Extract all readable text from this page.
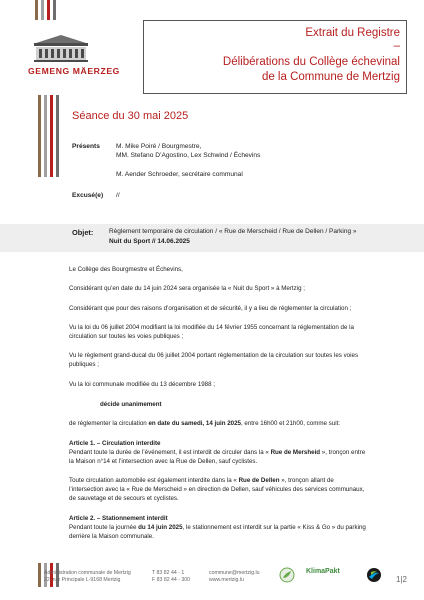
GEMENG MÄERZEG
Extrait du Registre
–
Délibérations du Collège échevinal
de la Commune de Mertzig
Séance du 30 mai 2025
Présents M. Mike Poiré / Bourgmestre,
MM. Stefano D’Agostino, Lex Schwind / Échevins
M. Aender Schroeder, secrétaire communal
Excusé(e) //
Objet: Règlement temporaire de circulation / « Rue de Merscheid / Rue de Dellen / Parking »
Nuit du Sport // 14.06.2025
Le Collège des Bourgmestre et Échevins,
Considérant qu’en date du 14 juin 2024 sera organisée la « Nuit du Sport » à Mertzig ;
Considérant que pour des raisons d’organisation et de sécurité, il y a lieu de réglementer la circulation ;
Vu la loi du 06 juillet 2004 modifiant la loi modifiée du 14 février 1955 concernant la réglementation de la
circulation sur toutes les voies publiques ;
Vu le règlement grand-ducal du 06 juillet 2004 portant réglementation de la circulation sur toutes les voies
publiques ;
Vu la loi communale modifiée du 13 décembre 1988 ;
décide unanimement
de réglementer la circulation en date du samedi, 14 juin 2025, entre 16h00 et 21h00, comme suit:
Article 1. – Circulation interdite
Pendant toute la durée de l’événement, il est interdit de circuler dans la « Rue de Mersheid », tronçon entre
la Maison n°14 et l’intersection avec la Rue de Dellen, sauf cyclistes.
Toute circulation automobile est également interdite dans la « Rue de Dellen », tronçon allant de
l’intersection avec la « Rue de Merscheid » en direction de Dellen, sauf véhicules des services communaux,
de sauvetage et de secours et cyclistes.
Article 2. – Stationnement interdit
Pendant toute la journée du 14 juin 2025, le stationnement est interdit sur la partie « Kiss & Go » du parking
derrière la Maison communale.
Administration communale de Mertzig
22, rue Principale L-9168 Mertzig
T 83 82 44 - 1
F 83 82 44 - 300
commune@mertzig.lu
www.mertzig.lu
KlimaPakt
1|2
